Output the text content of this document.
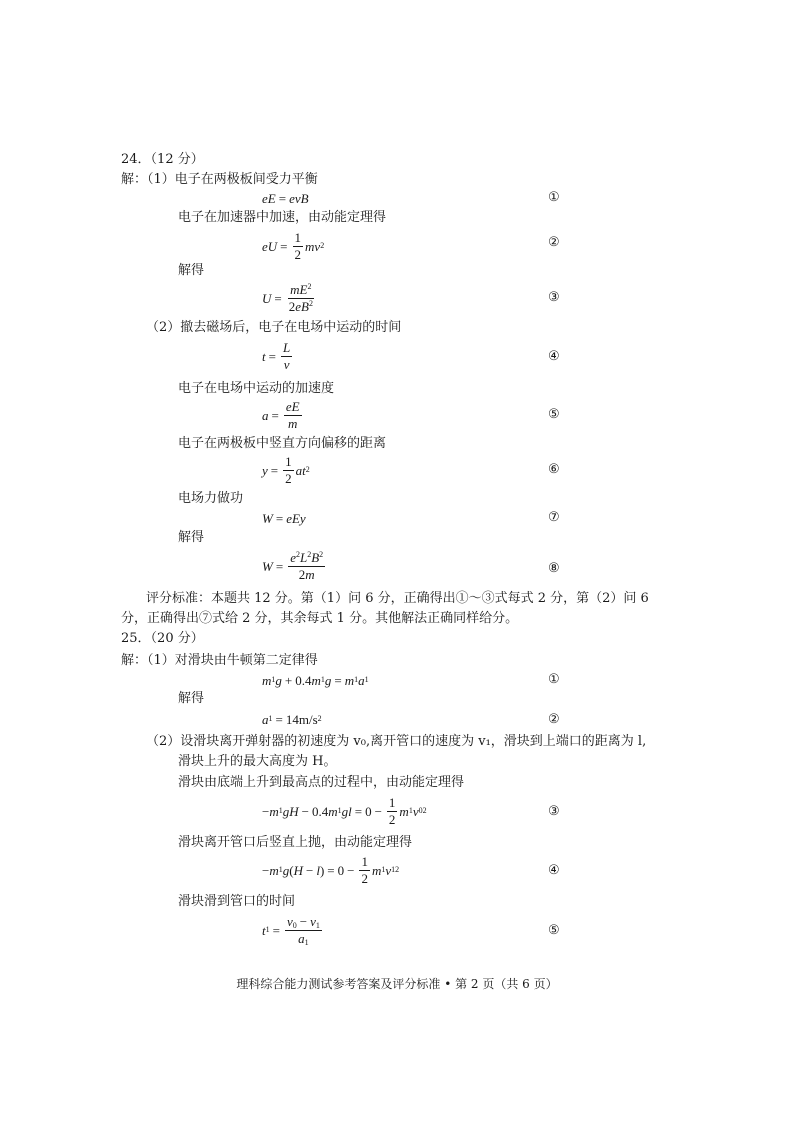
24．（12 分）
解：（1）电子在两极板间受力平衡
eE = evB	①
电子在加速器中加速，由动能定理得
eU = $\frac{1}{2}$ mv 2	②
解得
$U = \frac{mE^2}{2eB^2}$	③
（2）撤去磁场后，电子在电场中运动的时间
$t = \frac{L}{v}$	④
电子在电场中运动的加速度
$a = \frac{eE}{m}$	⑤
电子在两极板中竖直方向偏移的距离
$y = \frac{1}{2}$ at 2	⑥
电场力做功
W = eEy	⑦
解得
$W = \frac{e^2L^2B^2}{2m}$	⑧
评分标准：本题共 12 分。第（1）问 6 分，正确得出①～③式每式 2 分，第（2）问 6
分，正确得出⑦式给 2 分，其余每式 1 分。其他解法正确同样给分。
25．（20 分）
解：（1）对滑块由牛顿第二定律得
m 1 g + 0.4 m 1 g = m 1 a 1	①
解得
a 1 = 14m/s 2	②
（2）设滑块离开弹射器的初速度为 v₀,离开管口的速度为 v₁，滑块到上端口的距离为 l,
滑块上升的最大高度为 H。
滑块由底端上升到最高点的过程中，由动能定理得
− m 1 gH − 0.4 m 1 gl = $0 - \frac{1}{2}$ m 1 v 0 2	③
滑块离开管口后竖直上抛，由动能定理得
− m 1 g ( H − l ) = $0 - \frac{1}{2}$ m 1 v 1 2	④
滑块滑到管口的时间
t $1 = \frac{v_0 - v_1}{a_1}$	⑤
理科综合能力测试参考答案及评分标准 • 第 2 页（共 6 页）
